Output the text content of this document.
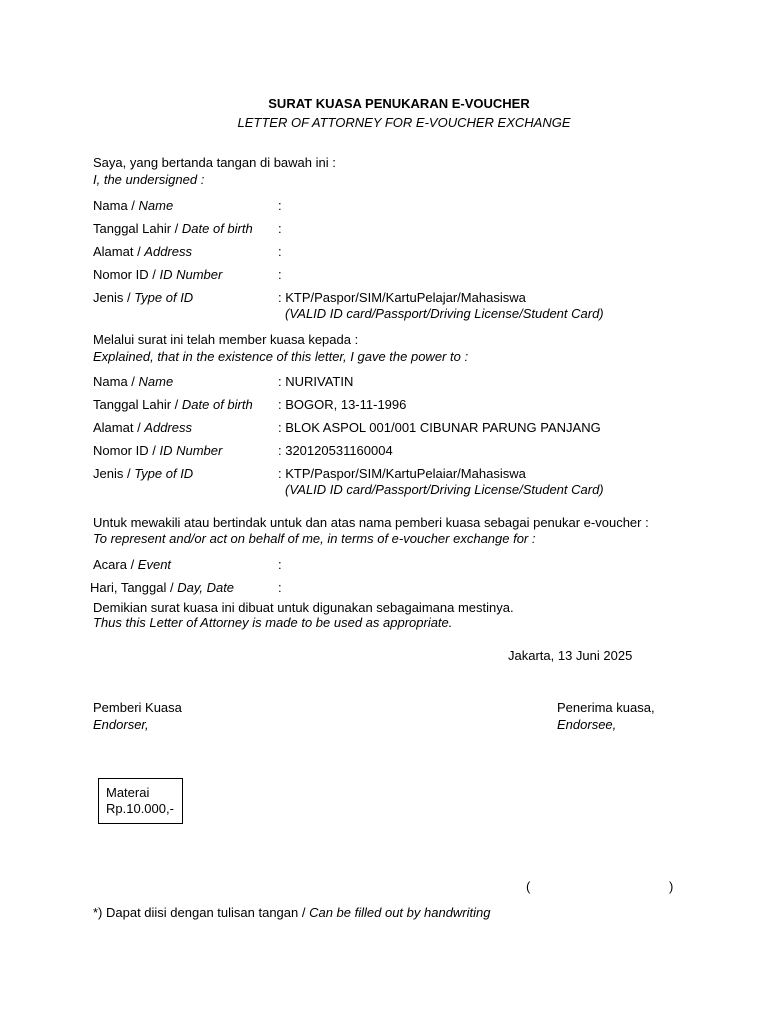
SURAT KUASA PENUKARAN E-VOUCHER
LETTER OF ATTORNEY FOR E-VOUCHER EXCHANGE
Saya, yang bertanda tangan di bawah ini :
I, the undersigned :
Nama / Name	:
Tanggal Lahir / Date of birth :
Alamat / Address	:
Nomor ID / ID Number	:
Jenis / Type of ID	: KTP/Paspor/SIM/KartuPelajar/Mahasiswa
(VALID ID card/Passport/Driving License/Student Card)
Melalui surat ini telah member kuasa kepada :
Explained, that in the existence of this letter, I gave the power to :
Nama / Name	: NURIVATIN
Tanggal Lahir / Date of birth : BOGOR, 13-11-1996
Alamat / Address	: BLOK ASPOL 001/001 CIBUNAR PARUNG PANJANG
Nomor ID / ID Number	: 320120531160004
Jenis / Type of ID	: KTP/Paspor/SIM/KartuPelaiar/Mahasiswa
(VALID ID card/Passport/Driving License/Student Card)
Untuk mewakili atau bertindak untuk dan atas nama pemberi kuasa sebagai penukar e-voucher :
To represent and/or act on behalf of me, in terms of e-voucher exchange for :
Acara / Event	:
Hari, Tanggal / Day, Date	:
Demikian surat kuasa ini dibuat untuk digunakan sebagaimana mestinya.
Thus this Letter of Attorney is made to be used as appropriate.
Jakarta, 13 Juni 2025
Pemberi Kuasa
Endorser,
Penerima kuasa,
Endorsee,
Materai
Rp.10.000,-
(	)
*) Dapat diisi dengan tulisan tangan / Can be filled out by handwriting
